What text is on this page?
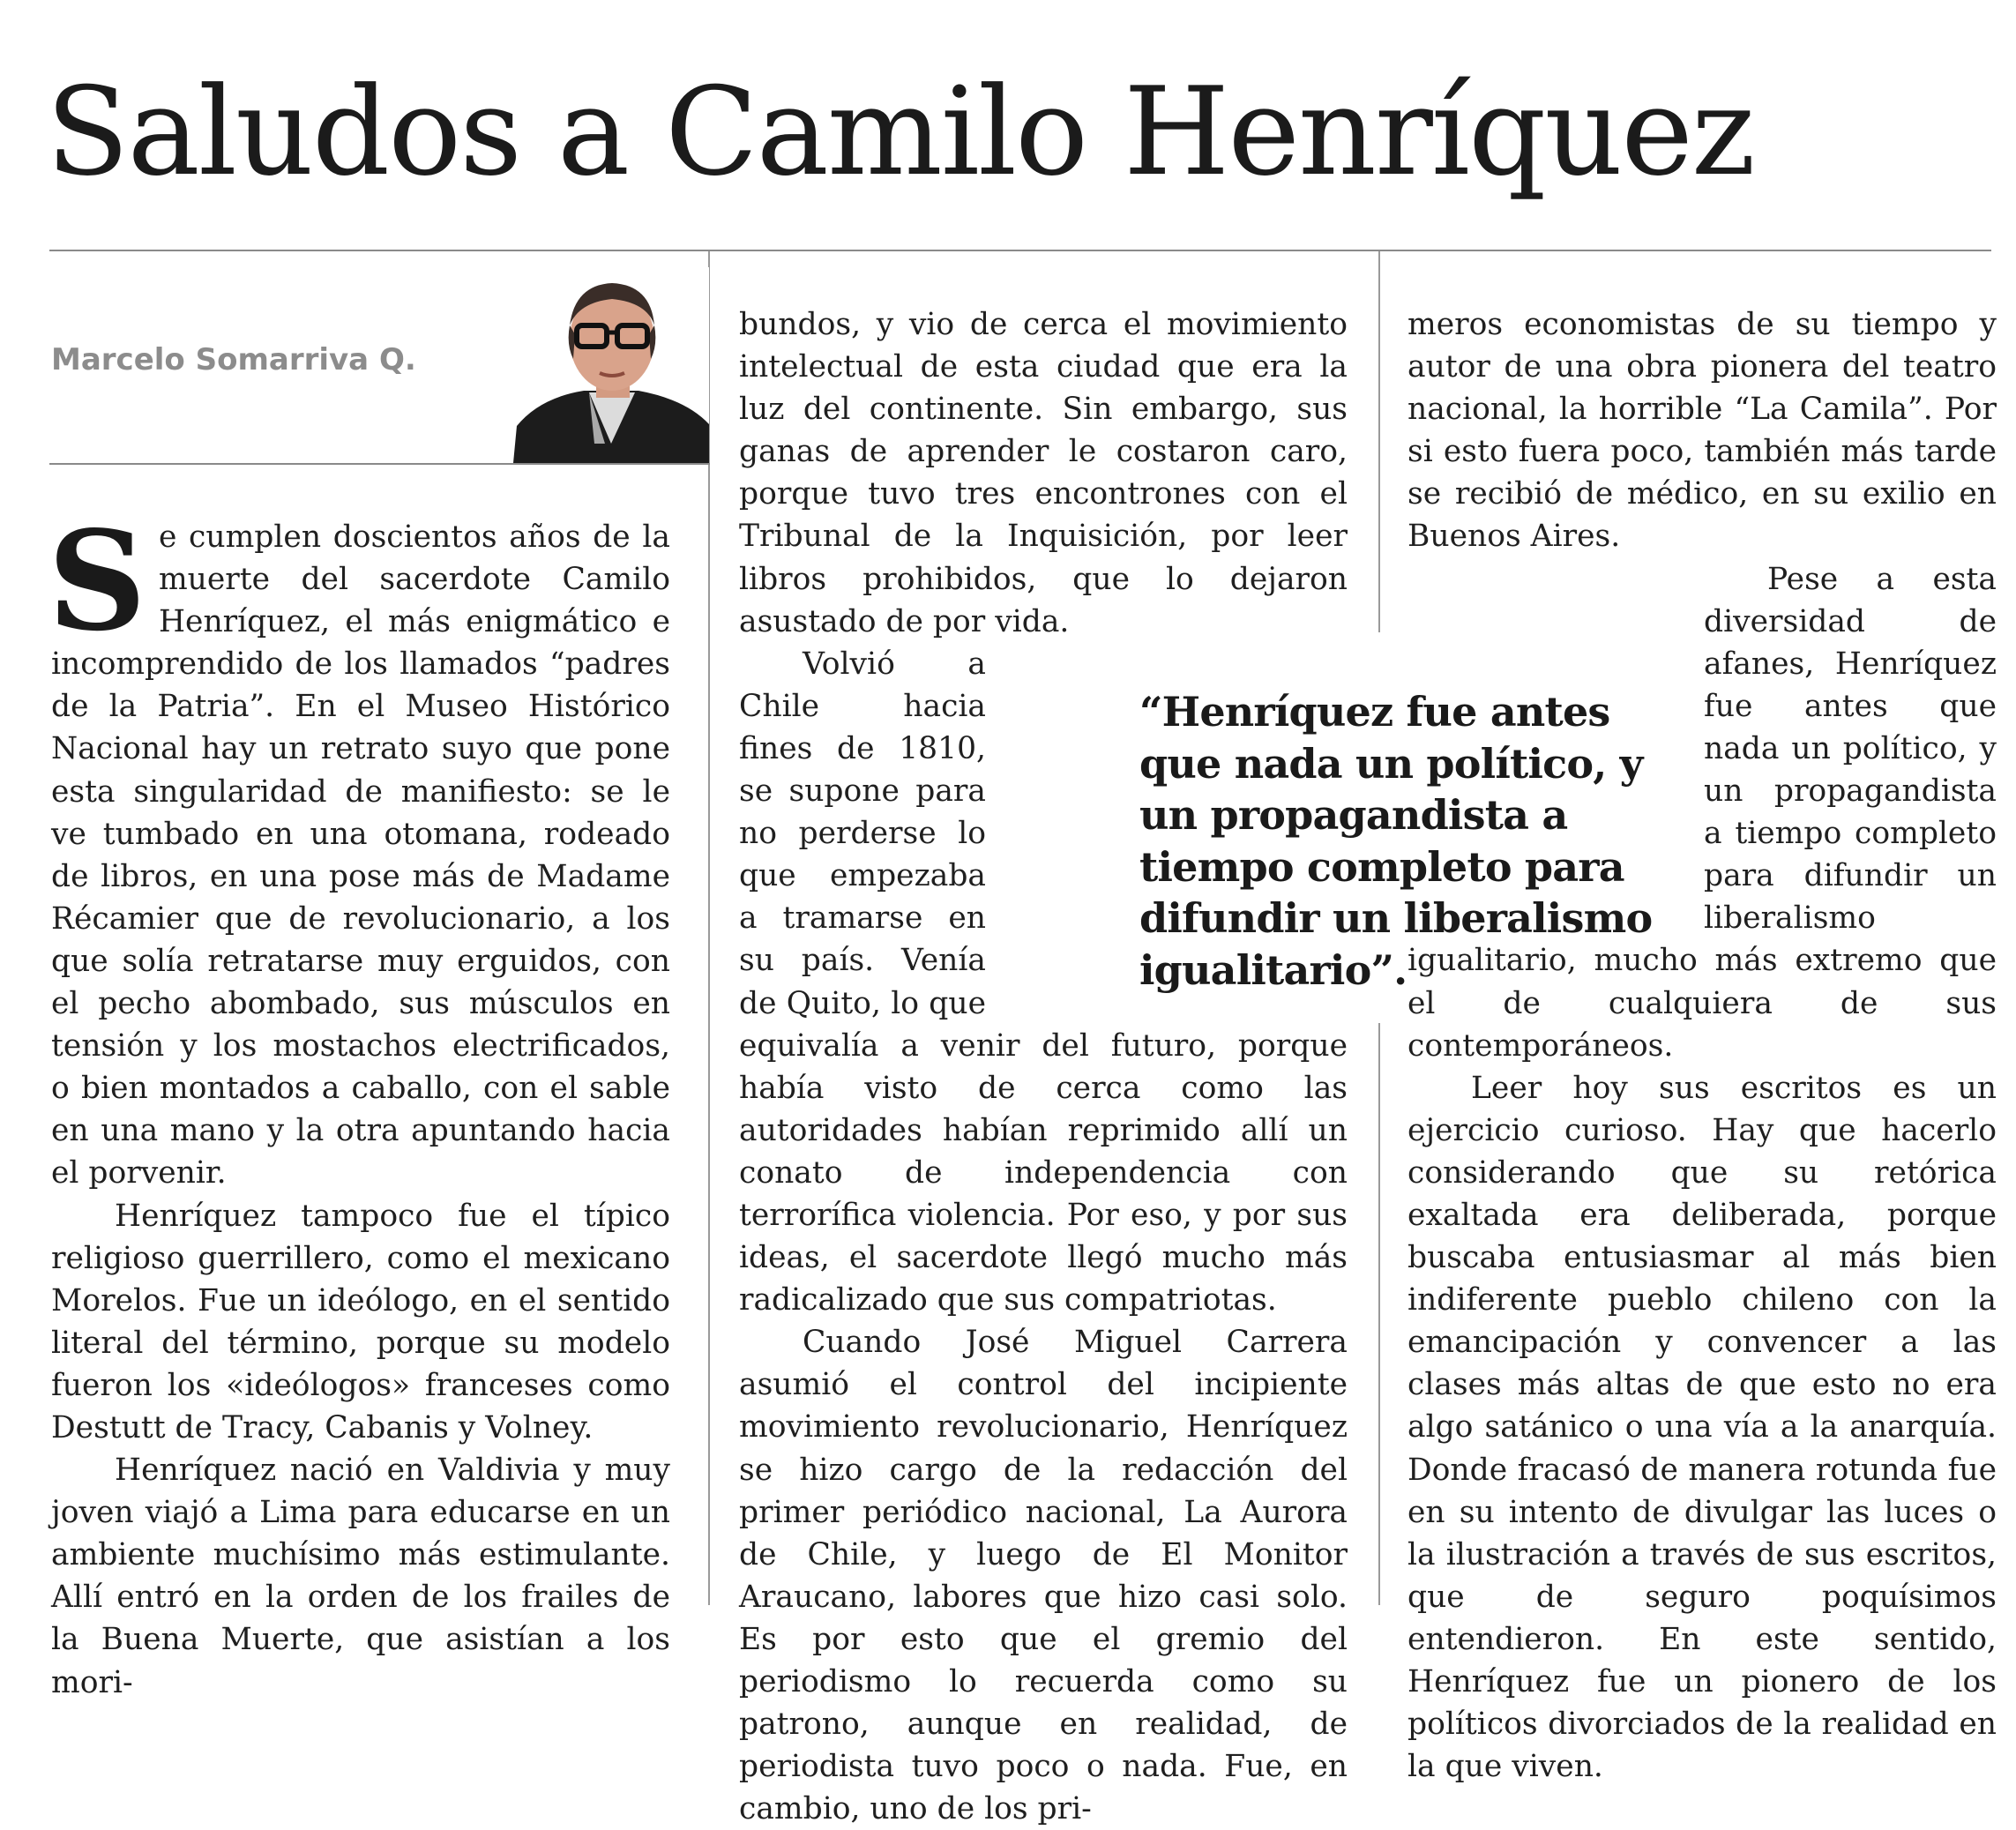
Saludos a Camilo Henríquez
Marcelo Somarriva Q.

Se cumplen doscientos años de la muerte del sacerdote Camilo Henríquez, el más enigmático e incomprendido de los llamados “padres de la Patria”. En el Museo Histórico Nacional hay un retrato suyo que pone esta singularidad de manifiesto: se le ve tumbado en una otomana, rodeado de libros, en una pose más de Madame Récamier que de revolucionario, a los que solía retratarse muy erguidos, con el pecho abombado, sus músculos en tensión y los mostachos electrificados, o bien montados a caballo, con el sable en una mano y la otra apuntando hacia el porvenir.

Henríquez tampoco fue el típico religioso guerrillero, como el mexicano Morelos. Fue un ideólogo, en el sentido literal del término, porque su modelo fueron los «ideólogos» franceses como Destutt de Tracy, Cabanis y Volney.

Henríquez nació en Valdivia y muy joven viajó a Lima para educarse en un ambiente muchísimo más estimulante. Allí entró en la orden de los frailes de la Buena Muerte, que asistían a los mori-

bundos, y vio de cerca el movimiento intelectual de esta ciudad que era la luz del continente. Sin embargo, sus ganas de aprender le costaron caro, porque tuvo tres encontrones con el Tribunal de la Inquisición, por leer libros prohibidos, que lo dejaron asustado de por vida.

Volvió a Chile hacia fines de 1810, se supone para no perderse lo que empezaba a tramarse en su país. Venía de Quito, lo que equivalía a venir del futuro, porque había visto de cerca como las autoridades habían reprimido allí un conato de independencia con terrorífica violencia. Por eso, y por sus ideas, el sacerdote llegó mucho más radicalizado que sus compatriotas.

Cuando José Miguel Carrera asumió el control del incipiente movimiento revolucionario, Henríquez se hizo cargo de la redacción del primer periódico nacional, La Aurora de Chile, y luego de El Monitor Araucano, labores que hizo casi solo. Es por esto que el gremio del periodismo lo recuerda como su patrono, aunque en realidad, de periodista tuvo poco o nada. Fue, en cambio, uno de los pri-

meros economistas de su tiempo y autor de una obra pionera del teatro nacional, la horrible “La Camila”. Por si esto fuera poco, también más tarde se recibió de médico, en su exilio en Buenos Aires.

Pese a esta diversidad de afanes, Henríquez fue antes que nada un político, y un propagandista a tiempo completo para difundir un liberalismo igualitario, mucho más extremo que el de cualquiera de sus contemporáneos.

Leer hoy sus escritos es un ejercicio curioso. Hay que hacerlo considerando que su retórica exaltada era deliberada, porque buscaba entusiasmar al más bien indiferente pueblo chileno con la emancipación y convencer a las clases más altas de que esto no era algo satánico o una vía a la anarquía. Donde fracasó de manera rotunda fue en su intento de divulgar las luces o la ilustración a través de sus escritos, que de seguro poquísimos entendieron. En este sentido, Henríquez fue un pionero de los políticos divorciados de la realidad en la que viven.

“Henríquez fue antes que nada un político, y un propagandista a tiempo completo para difundir un liberalismo igualitario”.
